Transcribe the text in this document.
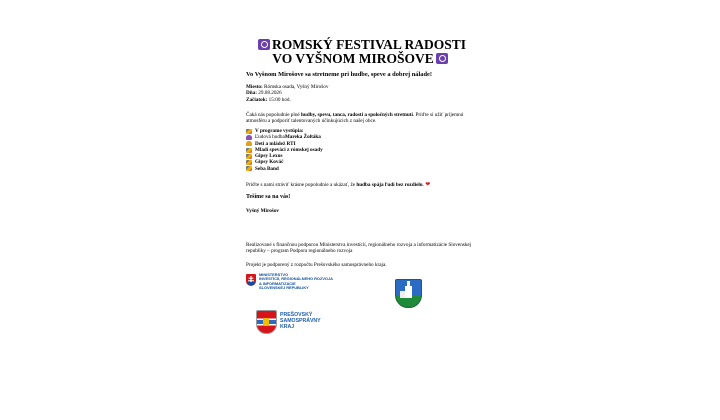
ROMSKÝ FESTIVAL RADOSTI VO VYŠNOM MIROŠOVE
Vo Vyšnom Mirošove sa stretneme pri hudbe, speve a dobrej nálade!
Miesto: Rómska osada, Vyšný Mirošov
Dňa: 29.08.2026
Začiatok: 15:00 hod.
Čaká nás popoludnie plné hudby, spevu, tanca, radosti a spoločných stretnutí. Príďte si užiť príjemnú atmosféru a podporiť talentovaných účinkujúcich z našej obce.
V programe vystúpia:
Ľudová hudba Mareka Žoltáka
Deti a mládež RTI
Mladí speváci z rómskej osady
Gipsy Lexus
Gipsy Kováč
Seba Band
Príďte s nami stráviť krásne popoludnie a ukázať, že hudba spája ľudí bez rozdielu. ❤
Tešíme sa na vás!
Vyšný Mirošov
Realizované s finančnou podporou Ministerstva investícií, regionálneho rozvoja a informatizácie Slovenskej republiky – program Podpora regionálneho rozvoja
Projekt je podporený z rozpočtu Prešovského samosprávneho kraja.
MINISTERSTVO
INVESTÍCIÍ, REGIONÁLNEHO ROZVOJA
A INFORMATIZÁCIE
SLOVENSKEJ REPUBLIKY
PREŠOVSKÝ
SAMOSPRÁVNY
KRAJ
